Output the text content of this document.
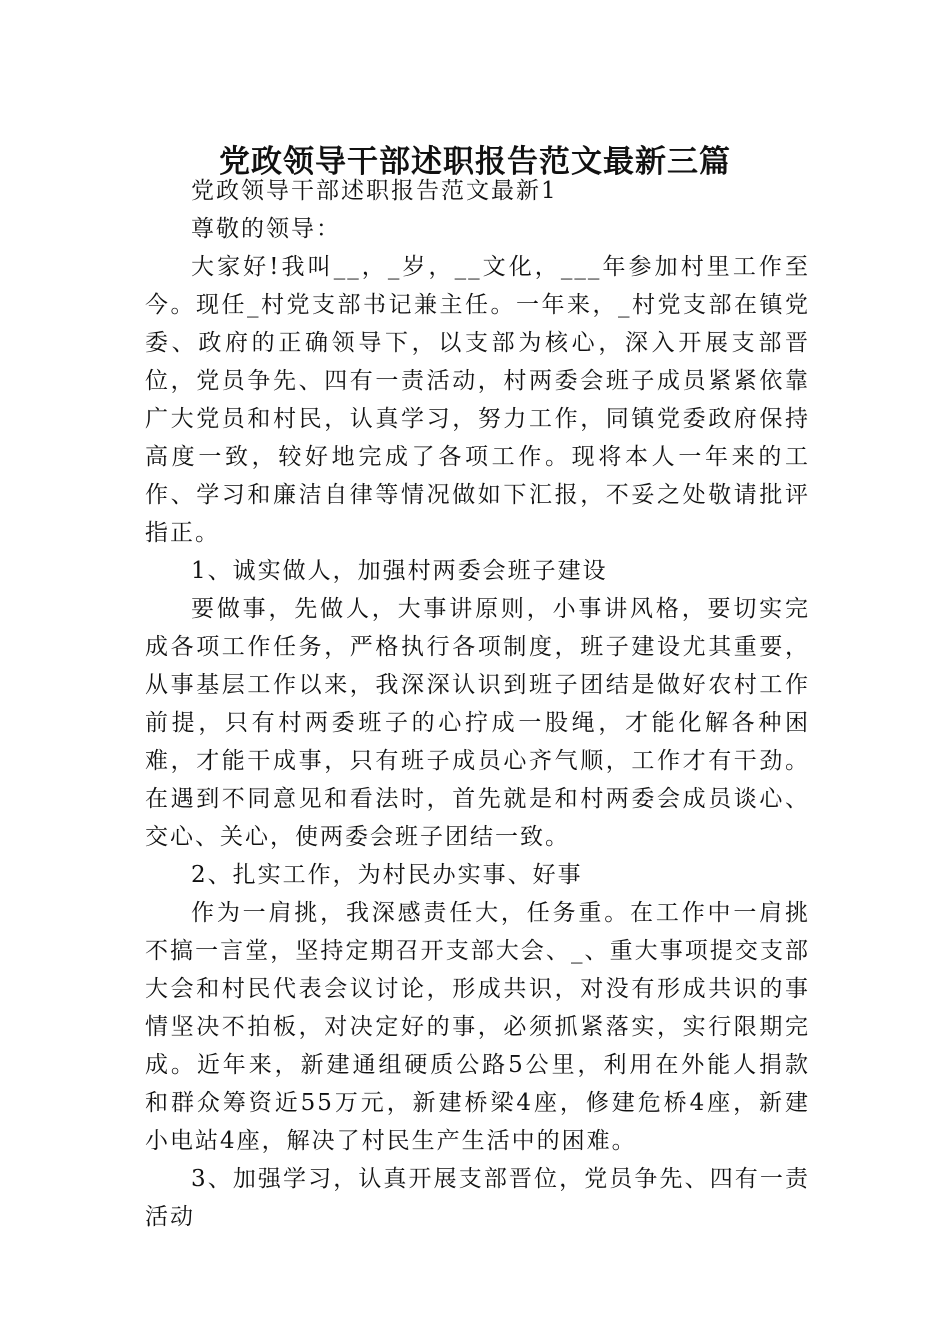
党政领导干部述职报告范文最新三篇

党政领导干部述职报告范文最新1

尊敬的领导：

大家好!我叫__，_岁，__文化，___年参加村里工作至今。现任_村党支部书记兼主任。一年来，_村党支部在镇党委、政府的正确领导下，以支部为核心，深入开展支部晋位，党员争先、四有一责活动，村两委会班子成员紧紧依靠广大党员和村民，认真学习，努力工作，同镇党委政府保持高度一致，较好地完成了各项工作。现将本人一年来的工作、学习和廉洁自律等情况做如下汇报，不妥之处敬请批评指正。

1、诚实做人，加强村两委会班子建设

要做事，先做人，大事讲原则，小事讲风格，要切实完成各项工作任务，严格执行各项制度，班子建设尤其重要，从事基层工作以来，我深深认识到班子团结是做好农村工作前提，只有村两委班子的心拧成一股绳，才能化解各种困难，才能干成事，只有班子成员心齐气顺，工作才有干劲。在遇到不同意见和看法时，首先就是和村两委会成员谈心、交心、关心，使两委会班子团结一致。

2、扎实工作，为村民办实事、好事

作为一肩挑，我深感责任大，任务重。在工作中一肩挑不搞一言堂，坚持定期召开支部大会、_、重大事项提交支部大会和村民代表会议讨论，形成共识，对没有形成共识的事情坚决不拍板，对决定好的事，必须抓紧落实，实行限期完成。近年来，新建通组硬质公路5公里，利用在外能人捐款和群众筹资近55万元，新建桥梁4座，修建危桥4座，新建小电站4座，解决了村民生产生活中的困难。

3、加强学习，认真开展支部晋位，党员争先、四有一责活动
